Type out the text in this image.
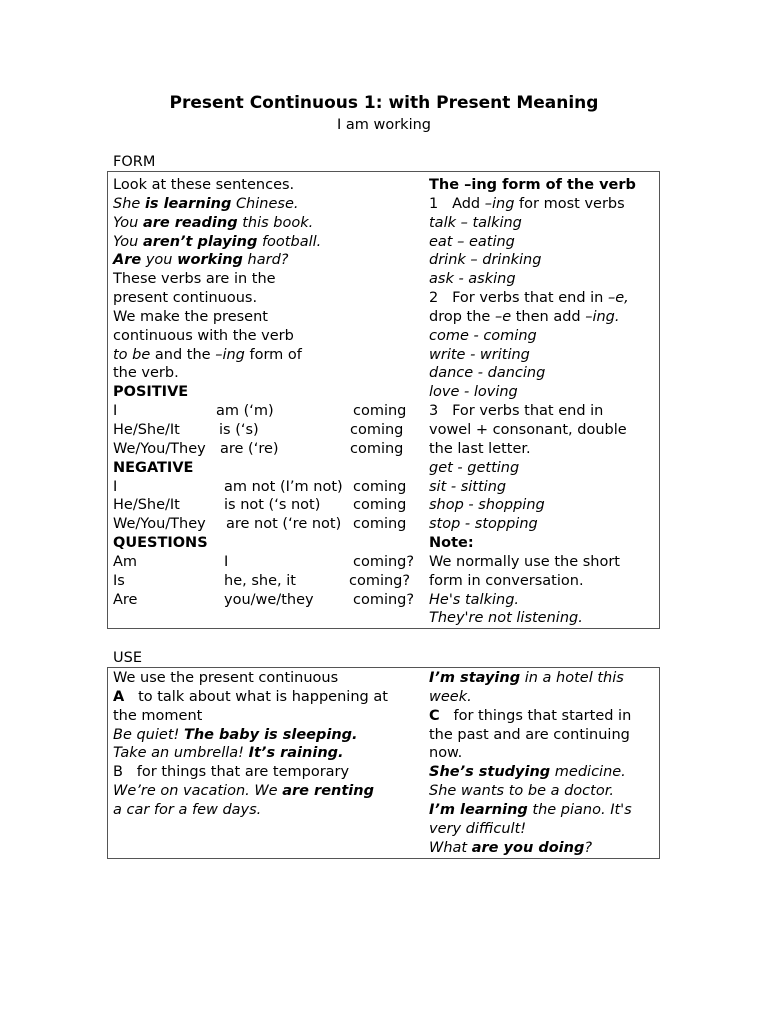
Present Continuous 1: with Present Meaning
I am working
FORM
Look at these sentences.
She is learning Chinese.
You are reading this book.
You aren’t playing football.
Are you working hard?
These verbs are in the
present continuous.
We make the present
continuous with the verb
to be and the –ing form of
the verb.
POSITIVE
I	am (‘m)	coming
He/She/It	is (‘s)	coming
We/You/They are (‘re)	coming
NEGATIVE
I	am not (I’m not) coming
He/She/It	is not (‘s not) coming
We/You/They are not (‘re not) coming
QUESTIONS
Am	I	coming?
Is	he, she, it	coming?
Are	you/we/they	coming?
The –ing form of the verb
1 Add –ing for most verbs
talk – talking
eat – eating
drink – drinking
ask - asking
2 For verbs that end in –e,
drop the –e then add –ing.
come - coming
write - writing
dance - dancing
love - loving
3 For verbs that end in
vowel + consonant, double
the last letter.
get - getting
sit - sitting
shop - shopping
stop - stopping
Note:
We normally use the short
form in conversation.
He's talking.
They're not listening.
USE
We use the present continuous
A to talk about what is happening at
the moment
Be quiet! The baby is sleeping.
Take an umbrella! It’s raining.
B for things that are temporary
We’re on vacation. We are renting
a car for a few days.
I’m staying in a hotel this
week.
C for things that started in
the past and are continuing
now.
She’s studying medicine.
She wants to be a doctor.
I’m learning the piano. It's
very difficult!
What are you doing?
